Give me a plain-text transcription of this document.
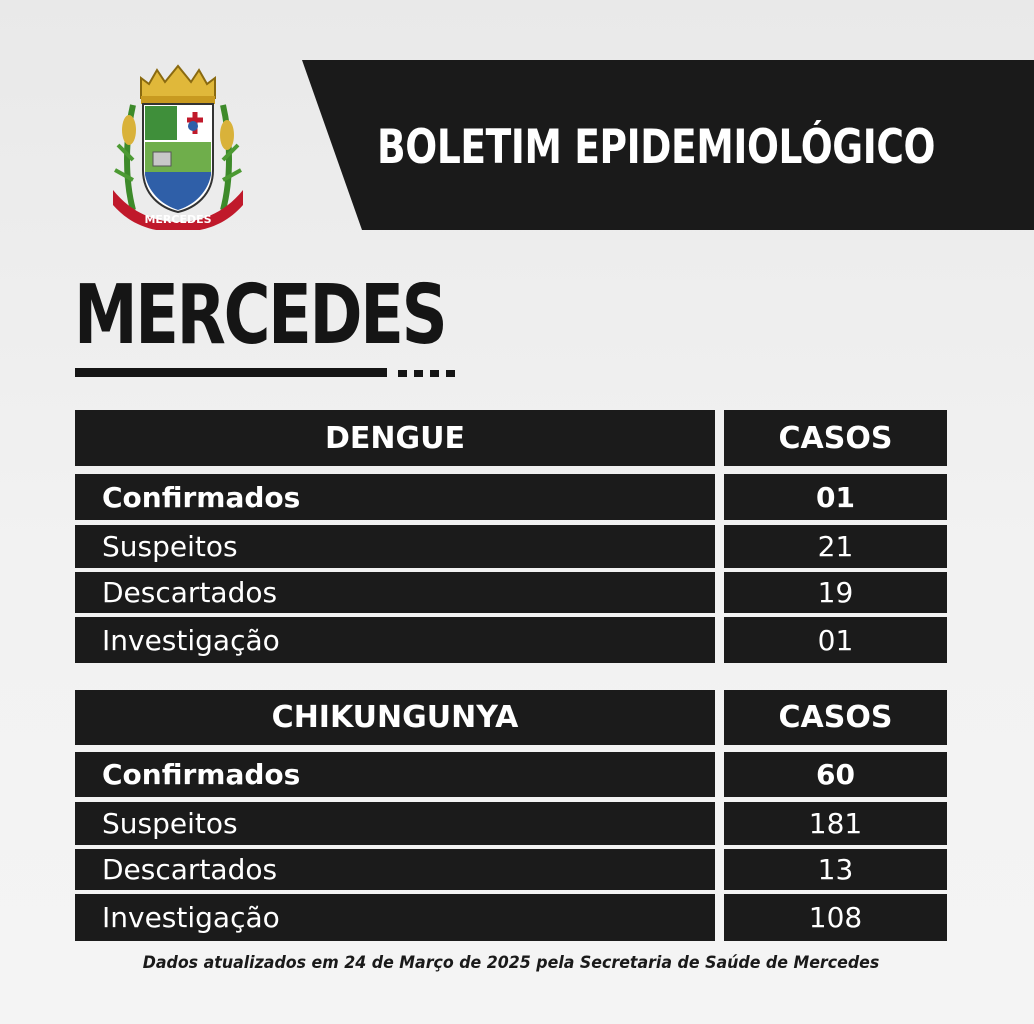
MERCEDES
BOLETIM EPIDEMIOLÓGICO
MERCEDES
DENGUE	CASOS
Confirmados	01
Suspeitos	21
Descartados	19
Investigação	01
CHIKUNGUNYA	CASOS
Confirmados	60
Suspeitos	181
Descartados	13
Investigação	108
Dados atualizados em 24 de Março de 2025 pela Secretaria de Saúde de Mercedes
